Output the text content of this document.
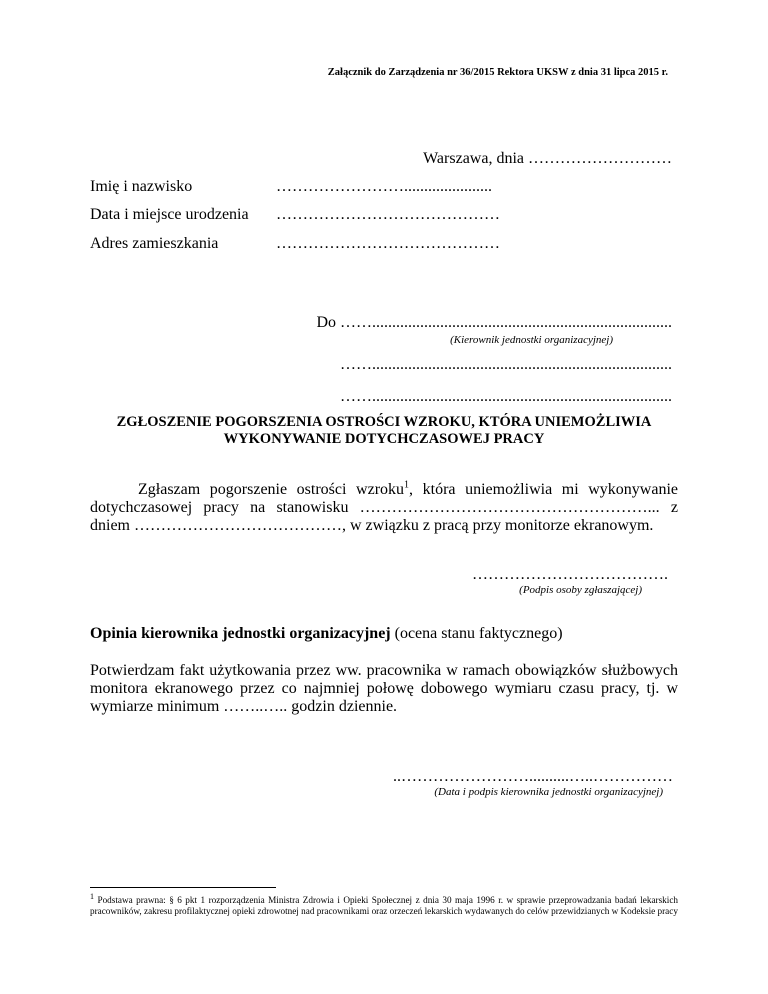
Załącznik do Zarządzenia nr 36/2015 Rektora UKSW z dnia 31 lipca 2015 r.
Warszawa, dnia ………………………
Imię i nazwisko	……………………......................
Data i miejsce urodzenia ……………………………………
Adres zamieszkania	……………………………………
Do ……...........................................................................
(Kierownik jednostki organizacyjnej)
……...........................................................................
……...........................................................................
ZGŁOSZENIE POGORSZENIA OSTROŚCI WZROKU, KTÓRA UNIEMOŻLIWIA WYKONYWANIE DOTYCHCZASOWEJ PRACY
Zgłaszam pogorszenie ostrości wzroku$^1$, która uniemożliwia mi wykonywanie dotychczasowej pracy na stanowisku ………………………………………………... z dniem …………………………………, w związku z pracą przy monitorze ekranowym.
……………………………….
(Podpis osoby zgłaszającej)
Opinia kierownika jednostki organizacyjnej (ocena stanu faktycznego)
Potwierdzam fakt użytkowania przez ww. pracownika w ramach obowiązków służbowych monitora ekranowego przez co najmniej połowę dobowego wymiaru czasu pracy, tj. w wymiarze minimum ……..….. godzin dziennie.
..……………………..........…..……………
(Data i podpis kierownika jednostki organizacyjnej)
$^1$ Podstawa prawna: § 6 pkt 1 rozporządzenia Ministra Zdrowia i Opieki Społecznej z dnia 30 maja 1996 r. w sprawie przeprowadzania badań lekarskich pracowników, zakresu profilaktycznej opieki zdrowotnej nad pracownikami oraz orzeczeń lekarskich wydawanych do celów przewidzianych w Kodeksie pracy
